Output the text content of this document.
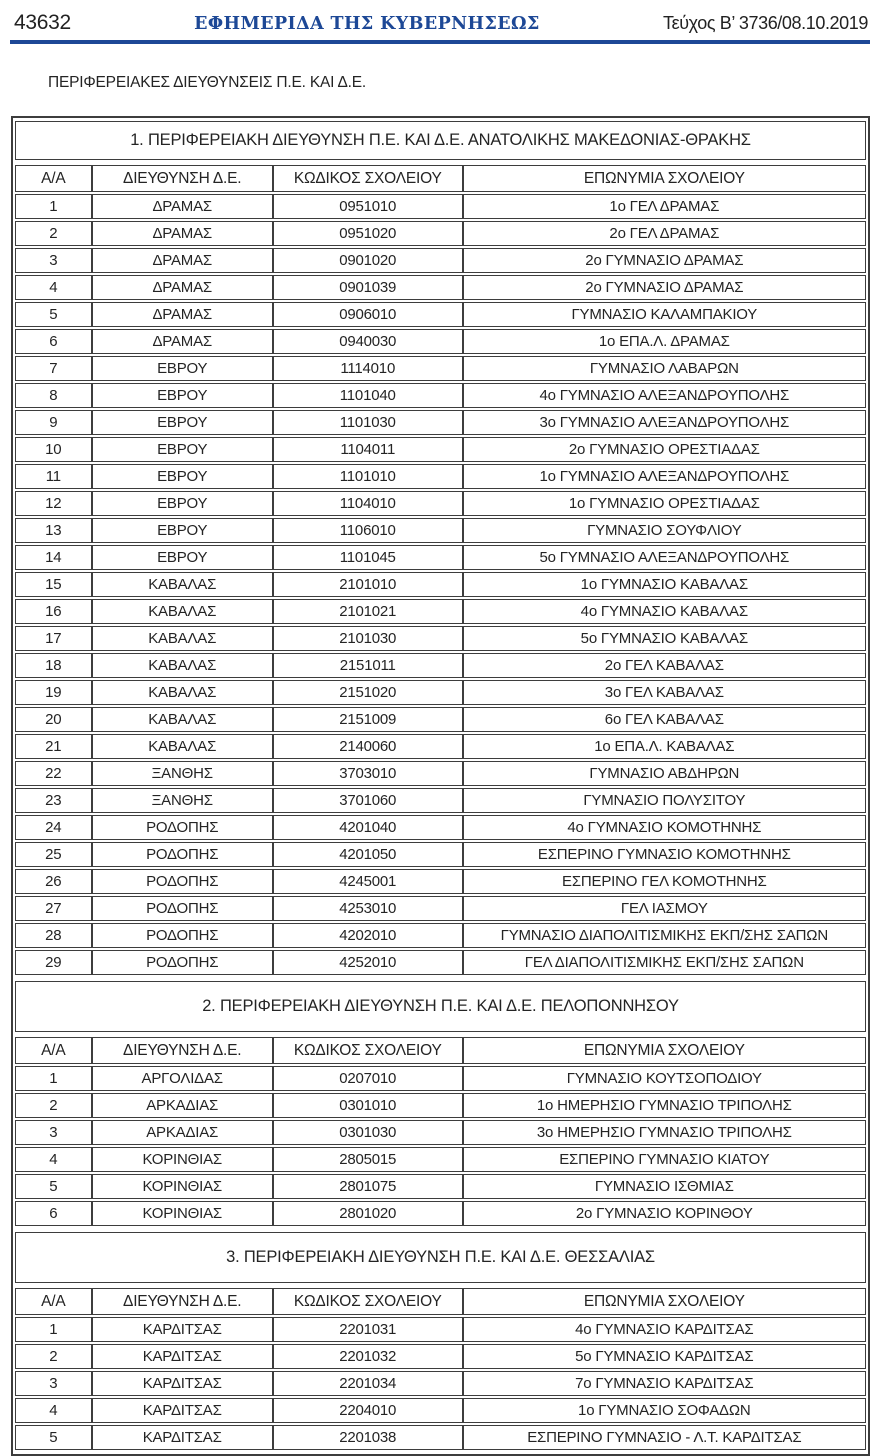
43632	ΕΦΗΜΕΡΙΔΑ ΤΗΣ ΚΥΒΕΡΝΗΣΕΩΣ	Τεύχος Β’ 3736/08.10.2019
ΠΕΡΙΦΕΡΕΙΑΚΕΣ ΔΙΕΥΘΥΝΣΕΙΣ Π.Ε. ΚΑΙ Δ.Ε.
1. ΠΕΡΙΦΕΡΕΙΑΚΗ ΔΙΕΥΘΥΝΣΗ Π.Ε. ΚΑΙ Δ.Ε. ΑΝΑΤΟΛΙΚΗΣ ΜΑΚΕΔΟΝΙΑΣ-ΘΡΑΚΗΣ
Α/Α	ΔΙΕΥΘΥΝΣΗ Δ.Ε.	ΚΩΔΙΚΟΣ ΣΧΟΛΕΙΟΥ	ΕΠΩΝΥΜΙΑ ΣΧΟΛΕΙΟΥ
1	ΔΡΑΜΑΣ	0951010	1ο ΓΕΛ ΔΡΑΜΑΣ
2	ΔΡΑΜΑΣ	0951020	2ο ΓΕΛ ΔΡΑΜΑΣ
3	ΔΡΑΜΑΣ	0901020	2ο ΓΥΜΝΑΣΙΟ ΔΡΑΜΑΣ
4	ΔΡΑΜΑΣ	0901039	2ο ΓΥΜΝΑΣΙΟ ΔΡΑΜΑΣ
5	ΔΡΑΜΑΣ	0906010	ΓΥΜΝΑΣΙΟ ΚΑΛΑΜΠΑΚΙΟΥ
6	ΔΡΑΜΑΣ	0940030	1ο ΕΠΑ.Λ. ΔΡΑΜΑΣ
7	ΕΒΡΟΥ	1114010	ΓΥΜΝΑΣΙΟ ΛΑΒΑΡΩΝ
8	ΕΒΡΟΥ	1101040	4ο ΓΥΜΝΑΣΙΟ ΑΛΕΞΑΝΔΡΟΥΠΟΛΗΣ
9	ΕΒΡΟΥ	1101030	3ο ΓΥΜΝΑΣΙΟ ΑΛΕΞΑΝΔΡΟΥΠΟΛΗΣ
10	ΕΒΡΟΥ	1104011	2ο ΓΥΜΝΑΣΙΟ ΟΡΕΣΤΙΑΔΑΣ
11	ΕΒΡΟΥ	1101010	1ο ΓΥΜΝΑΣΙΟ ΑΛΕΞΑΝΔΡΟΥΠΟΛΗΣ
12	ΕΒΡΟΥ	1104010	1ο ΓΥΜΝΑΣΙΟ ΟΡΕΣΤΙΑΔΑΣ
13	ΕΒΡΟΥ	1106010	ΓΥΜΝΑΣΙΟ ΣΟΥΦΛΙΟΥ
14	ΕΒΡΟΥ	1101045	5ο ΓΥΜΝΑΣΙΟ ΑΛΕΞΑΝΔΡΟΥΠΟΛΗΣ
15	ΚΑΒΑΛΑΣ	2101010	1ο ΓΥΜΝΑΣΙΟ ΚΑΒΑΛΑΣ
16	ΚΑΒΑΛΑΣ	2101021	4ο ΓΥΜΝΑΣΙΟ ΚΑΒΑΛΑΣ
17	ΚΑΒΑΛΑΣ	2101030	5ο ΓΥΜΝΑΣΙΟ ΚΑΒΑΛΑΣ
18	ΚΑΒΑΛΑΣ	2151011	2ο ΓΕΛ ΚΑΒΑΛΑΣ
19	ΚΑΒΑΛΑΣ	2151020	3ο ΓΕΛ ΚΑΒΑΛΑΣ
20	ΚΑΒΑΛΑΣ	2151009	6ο ΓΕΛ ΚΑΒΑΛΑΣ
21	ΚΑΒΑΛΑΣ	2140060	1ο ΕΠΑ.Λ. ΚΑΒΑΛΑΣ
22	ΞΑΝΘΗΣ	3703010	ΓΥΜΝΑΣΙΟ ΑΒΔΗΡΩΝ
23	ΞΑΝΘΗΣ	3701060	ΓΥΜΝΑΣΙΟ ΠΟΛΥΣΙΤΟΥ
24	ΡΟΔΟΠΗΣ	4201040	4ο ΓΥΜΝΑΣΙΟ ΚΟΜΟΤΗΝΗΣ
25	ΡΟΔΟΠΗΣ	4201050	ΕΣΠΕΡΙΝΟ ΓΥΜΝΑΣΙΟ ΚΟΜΟΤΗΝΗΣ
26	ΡΟΔΟΠΗΣ	4245001	ΕΣΠΕΡΙΝΟ ΓΕΛ ΚΟΜΟΤΗΝΗΣ
27	ΡΟΔΟΠΗΣ	4253010	ΓΕΛ ΙΑΣΜΟΥ
28	ΡΟΔΟΠΗΣ	4202010	ΓΥΜΝΑΣΙΟ ΔΙΑΠΟΛΙΤΙΣΜΙΚΗΣ ΕΚΠ/ΣΗΣ ΣΑΠΩΝ
29	ΡΟΔΟΠΗΣ	4252010	ΓΕΛ ΔΙΑΠΟΛΙΤΙΣΜΙΚΗΣ ΕΚΠ/ΣΗΣ ΣΑΠΩΝ
2. ΠΕΡΙΦΕΡΕΙΑΚΗ ΔΙΕΥΘΥΝΣΗ Π.Ε. ΚΑΙ Δ.Ε. ΠΕΛΟΠΟΝΝΗΣΟΥ
Α/Α	ΔΙΕΥΘΥΝΣΗ Δ.Ε.	ΚΩΔΙΚΟΣ ΣΧΟΛΕΙΟΥ	ΕΠΩΝΥΜΙΑ ΣΧΟΛΕΙΟΥ
1	ΑΡΓΟΛΙΔΑΣ	0207010	ΓΥΜΝΑΣΙΟ ΚΟΥΤΣΟΠΟΔΙΟΥ
2	ΑΡΚΑΔΙΑΣ	0301010	1ο ΗΜΕΡΗΣΙΟ ΓΥΜΝΑΣΙΟ ΤΡΙΠΟΛΗΣ
3	ΑΡΚΑΔΙΑΣ	0301030	3ο ΗΜΕΡΗΣΙΟ ΓΥΜΝΑΣΙΟ ΤΡΙΠΟΛΗΣ
4	ΚΟΡΙΝΘΙΑΣ	2805015	ΕΣΠΕΡΙΝΟ ΓΥΜΝΑΣΙΟ ΚΙΑΤΟΥ
5	ΚΟΡΙΝΘΙΑΣ	2801075	ΓΥΜΝΑΣΙΟ ΙΣΘΜΙΑΣ
6	ΚΟΡΙΝΘΙΑΣ	2801020	2ο ΓΥΜΝΑΣΙΟ ΚΟΡΙΝΘΟΥ
3. ΠΕΡΙΦΕΡΕΙΑΚΗ ΔΙΕΥΘΥΝΣΗ Π.Ε. ΚΑΙ Δ.Ε. ΘΕΣΣΑΛΙΑΣ
Α/Α	ΔΙΕΥΘΥΝΣΗ Δ.Ε.	ΚΩΔΙΚΟΣ ΣΧΟΛΕΙΟΥ	ΕΠΩΝΥΜΙΑ ΣΧΟΛΕΙΟΥ
1	ΚΑΡΔΙΤΣΑΣ	2201031	4ο ΓΥΜΝΑΣΙΟ ΚΑΡΔΙΤΣΑΣ
2	ΚΑΡΔΙΤΣΑΣ	2201032	5ο ΓΥΜΝΑΣΙΟ ΚΑΡΔΙΤΣΑΣ
3	ΚΑΡΔΙΤΣΑΣ	2201034	7ο ΓΥΜΝΑΣΙΟ ΚΑΡΔΙΤΣΑΣ
4	ΚΑΡΔΙΤΣΑΣ	2204010	1ο ΓΥΜΝΑΣΙΟ ΣΟΦΑΔΩΝ
5	ΚΑΡΔΙΤΣΑΣ	2201038	ΕΣΠΕΡΙΝΟ ΓΥΜΝΑΣΙΟ - Λ.Τ. ΚΑΡΔΙΤΣΑΣ
